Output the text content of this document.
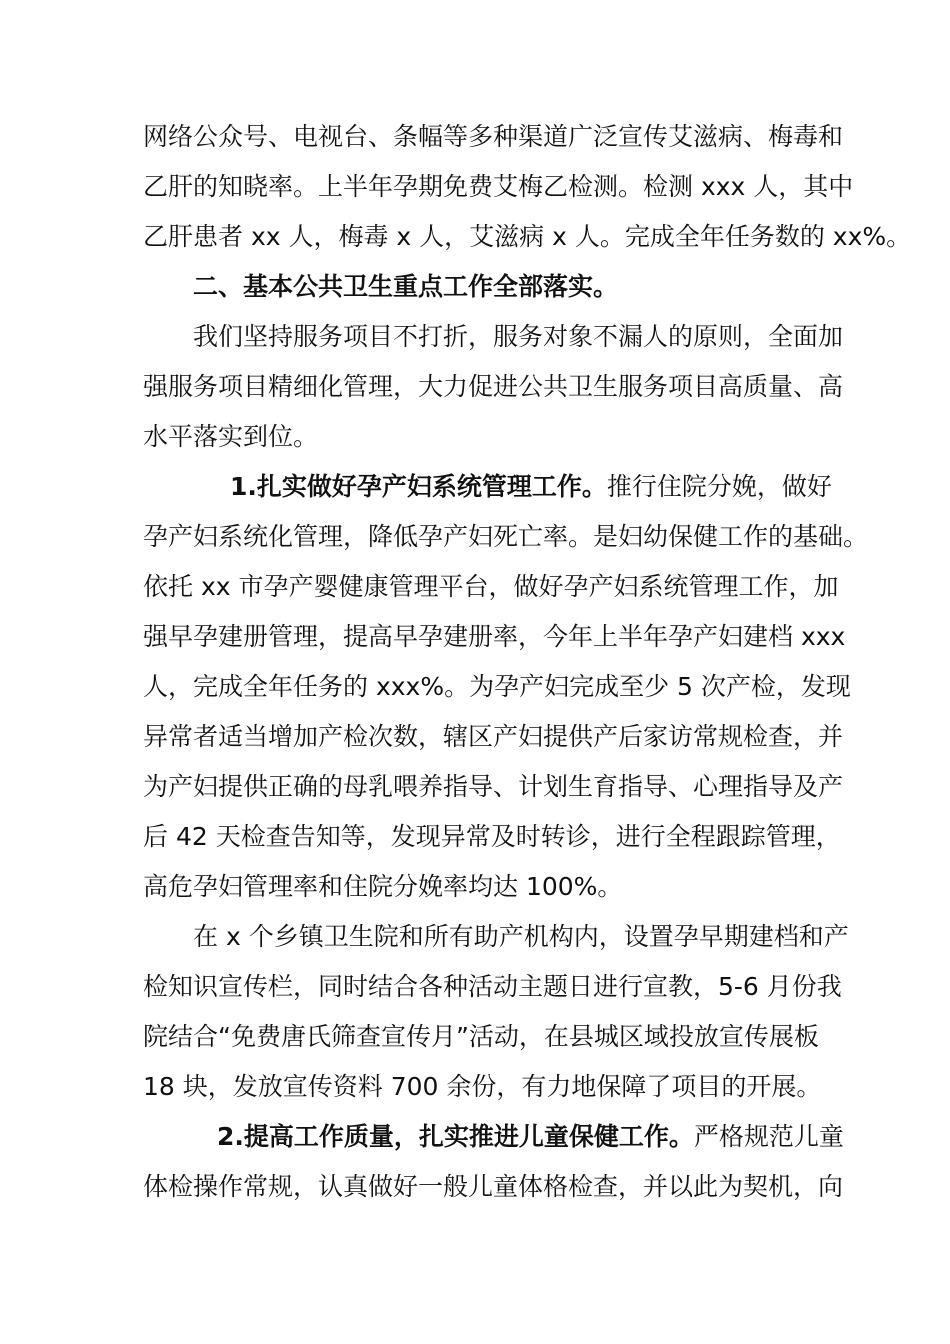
网络公众号、电视台、条幅等多种渠道广泛宣传艾滋病、梅毒和
乙肝的知晓率。上半年孕期免费艾梅乙检测。检测 xxx 人，其中
乙肝患者 xx 人，梅毒 x 人，艾滋病 x 人。完成全年任务数的 xx%。
二、基本公共卫生重点工作全部落实。
我们坚持服务项目不打折，服务对象不漏人的原则，全面加
强服务项目精细化管理，大力促进公共卫生服务项目高质量、高
水平落实到位。
1.扎实做好孕产妇系统管理工作。推行住院分娩，做好
孕产妇系统化管理，降低孕产妇死亡率。是妇幼保健工作的基础。
依托 xx 市孕产婴健康管理平台，做好孕产妇系统管理工作，加
强早孕建册管理，提高早孕建册率，今年上半年孕产妇建档 xxx
人，完成全年任务的 xxx%。为孕产妇完成至少 5 次产检，发现
异常者适当增加产检次数，辖区产妇提供产后家访常规检查，并
为产妇提供正确的母乳喂养指导、计划生育指导、心理指导及产
后 42 天检查告知等，发现异常及时转诊，进行全程跟踪管理，
高危孕妇管理率和住院分娩率均达 100%。
在 x 个乡镇卫生院和所有助产机构内，设置孕早期建档和产
检知识宣传栏，同时结合各种活动主题日进行宣教，5-6 月份我
院结合“免费唐氏筛查宣传月”活动，在县城区域投放宣传展板
18 块，发放宣传资料 700 余份，有力地保障了项目的开展。
2.提高工作质量，扎实推进儿童保健工作。严格规范儿童
体检操作常规，认真做好一般儿童体格检查，并以此为契机，向
